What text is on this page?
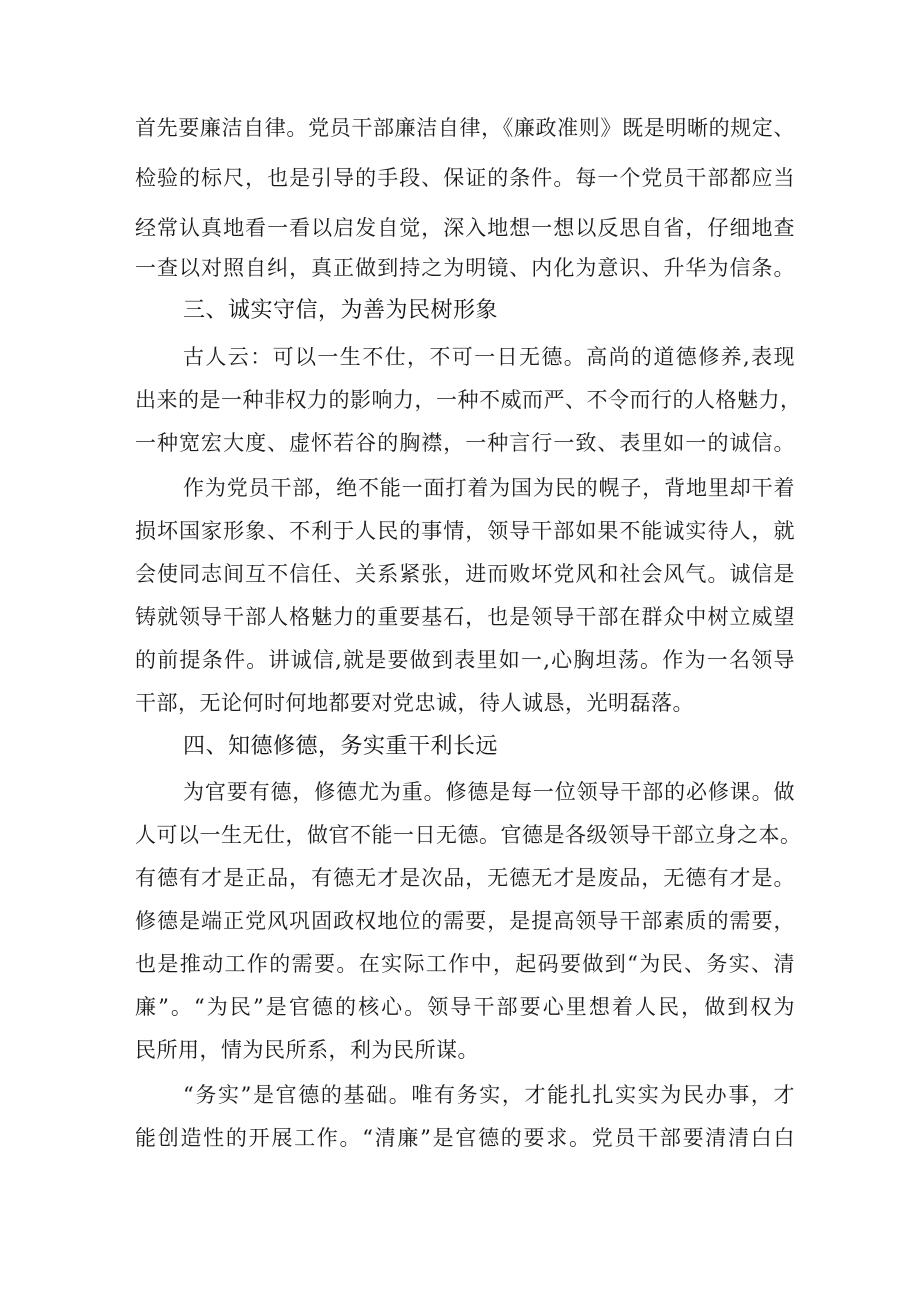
首先要廉洁自律。党员干部廉洁自律，《廉政准则》既是明晰的规定、
检验的标尺，也是引导的手段、保证的条件。每一个党员干部都应当
经常认真地看一看以启发自觉，深入地想一想以反思自省，仔细地查
一查以对照自纠，真正做到持之为明镜、内化为意识、升华为信条。
三、诚实守信，为善为民树形象
古人云：可以一生不仕，不可一日无德。高尚的道德修养,表现
出来的是一种非权力的影响力，一种不威而严、不令而行的人格魅力，
一种宽宏大度、虚怀若谷的胸襟，一种言行一致、表里如一的诚信。
作为党员干部，绝不能一面打着为国为民的幌子，背地里却干着
损坏国家形象、不利于人民的事情，领导干部如果不能诚实待人，就
会使同志间互不信任、关系紧张，进而败坏党风和社会风气。诚信是
铸就领导干部人格魅力的重要基石，也是领导干部在群众中树立威望
的前提条件。讲诚信,就是要做到表里如一,心胸坦荡。作为一名领导
干部，无论何时何地都要对党忠诚，待人诚恳，光明磊落。
四、知德修德，务实重干利长远
为官要有德，修德尤为重。修德是每一位领导干部的必修课。做
人可以一生无仕，做官不能一日无德。官德是各级领导干部立身之本。
有德有才是正品，有德无才是次品，无德无才是废品，无德有才是。
修德是端正党风巩固政权地位的需要，是提高领导干部素质的需要，
也是推动工作的需要。在实际工作中，起码要做到“为民、务实、清
廉”。“为民”是官德的核心。领导干部要心里想着人民，做到权为
民所用，情为民所系，利为民所谋。
“务实”是官德的基础。唯有务实，才能扎扎实实为民办事，才
能创造性的开展工作。“清廉”是官德的要求。党员干部要清清白白
